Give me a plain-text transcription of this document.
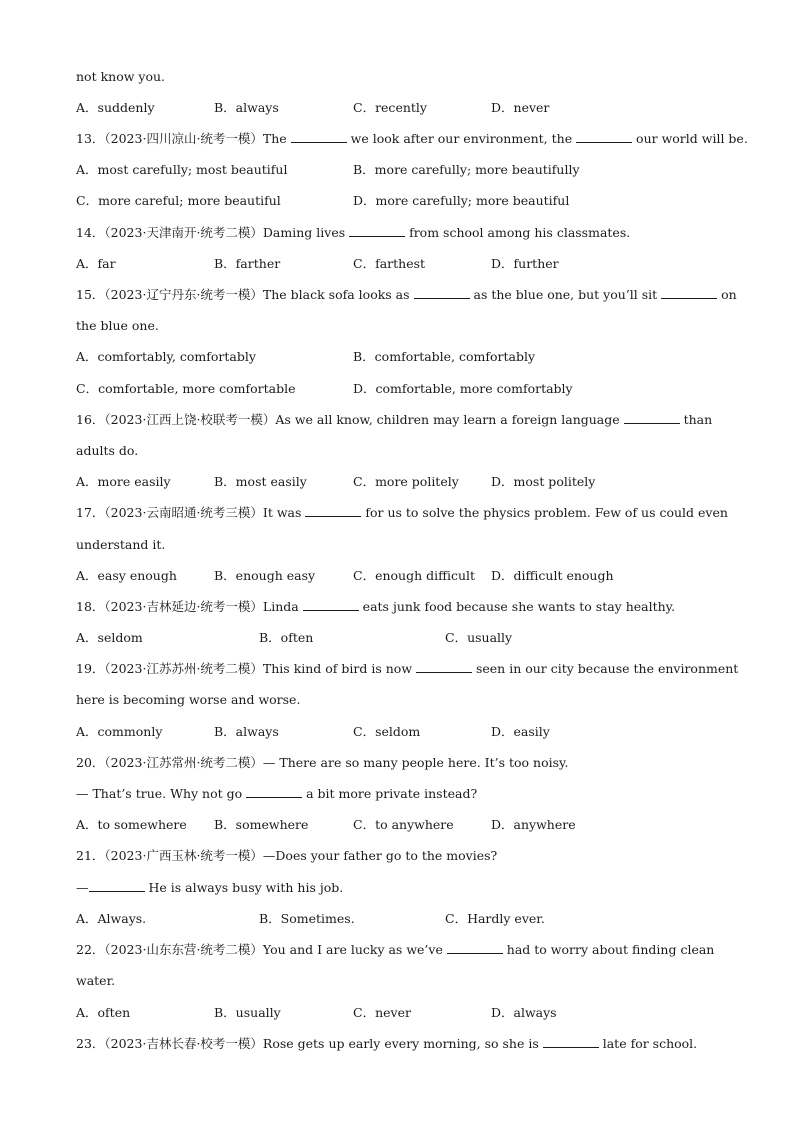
not know you.
A．suddenly	B．always	C．recently	D．never
13．（2023·四川凉山·统考一模）The	we look after our environment, the	our world will be.
A．most carefully; most beautiful	B．more carefully; more beautifully
C．more careful; more beautiful	D．more carefully; more beautiful
14．（2023·天津南开·统考二模）Daming lives	from school among his classmates.
A．far	B．farther	C．farthest	D．further
15．（2023·辽宁丹东·统考一模）The black sofa looks as	as the blue one, but you’ll sit	on
the blue one.
A．comfortably, comfortably	B．comfortable, comfortably
C．comfortable, more comfortable	D．comfortable, more comfortably
16．（2023·江西上饶·校联考一模）As we all know, children may learn a foreign language	than
adults do.
A．more easily	B．most easily	C．more politely	D．most politely
17．（2023·云南昭通·统考三模）It was	for us to solve the physics problem. Few of us could even
understand it.
A．easy enough	B．enough easy	C．enough difficult D．difficult enough
18．（2023·吉林延边·统考一模）Linda	eats junk food because she wants to stay healthy.
A．seldom	B．often	C．usually
19．（2023·江苏苏州·统考二模）This kind of bird is now	seen in our city because the environment
here is becoming worse and worse.
A．commonly	B．always	C．seldom	D．easily
20．（2023·江苏常州·统考二模）— There are so many people here. It’s too noisy.
— That’s true. Why not go	a bit more private instead?
A．to somewhere B．somewhere	C．to anywhere	D．anywhere
21．（2023·广西玉林·统考一模）—Does your father go to the movies?
—	He is always busy with his job.
A．Always.	B．Sometimes.	C．Hardly ever.
22．（2023·山东东营·统考二模）You and I are lucky as we’ve	had to worry about finding clean
water.
A．often	B．usually	C．never	D．always
23．（2023·吉林长春·校考一模）Rose gets up early every morning, so she is	late for school.
